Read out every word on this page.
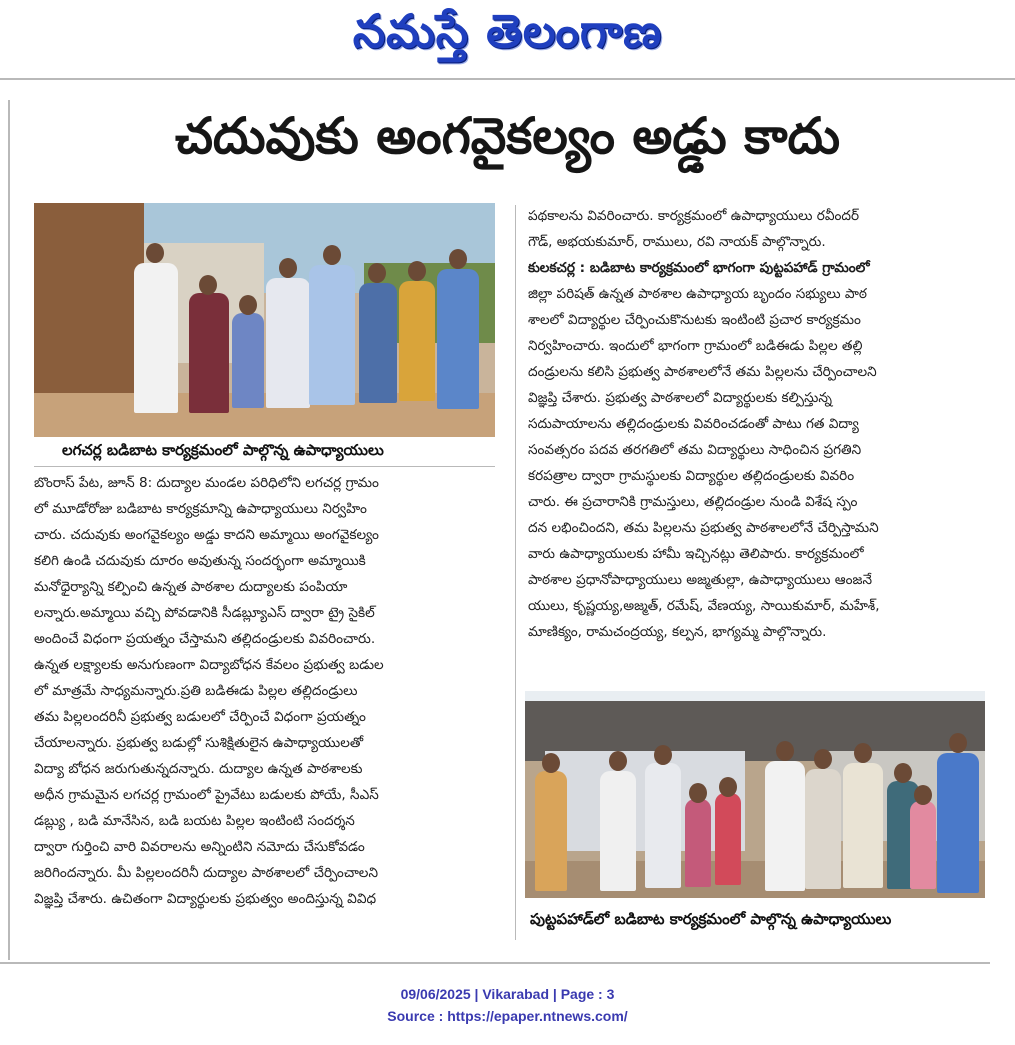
నమస్తే తెలంగాణ
చదువుకు అంగవైకల్యం అడ్డు కాదు
లగచర్ల బడిబాట కార్యక్రమంలో పాల్గొన్న ఉపాధ్యాయులు

బొంరాస్ పేట, జూన్ 8: దుద్యాల మండల పరిధిలోని లగచర్ల గ్రామం

లో మూడోరోజు బడిబాట కార్యక్రమాన్ని ఉపాధ్యాయులు నిర్వహిం

చారు. చదువుకు అంగవైకల్యం అడ్డు కాదని అమ్మాయి అంగవైకల్యం

కలిగి ఉండి చదువుకు దూరం అవుతున్న సందర్భంగా అమ్మాయికి

మనోధైర్యాన్ని కల్పించి ఉన్నత పాఠశాల దుద్యాలకు పంపియా

లన్నారు.అమ్మాయి వచ్చి పోవడానికి సీడబ్ల్యూఎస్ ద్వారా ట్రై సైకిల్

అందించే విధంగా ప్రయత్నం చేస్తామని తల్లిదండ్రులకు వివరించారు.

ఉన్నత లక్ష్యాలకు అనుగుణంగా విద్యాబోధన కేవలం ప్రభుత్వ బడుల

లో మాత్రమే సాధ్యమన్నారు.ప్రతి బడిఈడు పిల్లల తల్లిదండ్రులు

తమ పిల్లలందరినీ ప్రభుత్వ బడులలో చేర్పించే విధంగా ప్రయత్నం

చేయాలన్నారు. ప్రభుత్వ బడుల్లో సుశిక్షితులైన ఉపాధ్యాయులతో

విద్యా బోధన జరుగుతున్నదన్నారు. దుద్యాల ఉన్నత పాఠశాలకు

అధీన గ్రామమైన లగచర్ల గ్రామంలో ప్రైవేటు బడులకు పోయే, సీఎస్

డబ్ల్యు , బడి మానేసిన, బడి బయట పిల్లల ఇంటింటి సందర్శన

ద్వారా గుర్తించి వారి వివరాలను అన్నింటిని నమోదు చేసుకోవడం

జరిగిందన్నారు. మీ పిల్లలందరినీ దుద్యాల పాఠశాలలో చేర్పించాలని

విజ్ఞప్తి చేశారు. ఉచితంగా విద్యార్థులకు ప్రభుత్వం అందిస్తున్న వివిధ

పథకాలను వివరించారు. కార్యక్రమంలో ఉపాధ్యాయులు రవీందర్

గౌడ్, అభయకుమార్, రాములు, రవి నాయక్ పాల్గొన్నారు.

కులకచర్ల : బడిబాట కార్యక్రమంలో భాగంగా పుట్టపహాడ్ గ్రామంలో

జిల్లా పరిషత్ ఉన్నత పాఠశాల ఉపాధ్యాయ బృందం సభ్యులు పాఠ

శాలలో విద్యార్థుల చేర్పించుకొనుటకు ఇంటింటి ప్రచార కార్యక్రమం

నిర్వహించారు. ఇందులో భాగంగా గ్రామంలో బడిఈడు పిల్లల తల్లి

దండ్రులను కలిసి ప్రభుత్వ పాఠశాలలోనే తమ పిల్లలను చేర్పించాలని

విజ్ఞప్తి చేశారు. ప్రభుత్వ పాఠశాలలో విద్యార్థులకు కల్పిస్తున్న

సదుపాయాలను తల్లిదండ్రులకు వివరించడంతో పాటు గత విద్యా

సంవత్సరం పదవ తరగతిలో తమ విద్యార్థులు సాధించిన ప్రగతిని

కరపత్రాల ద్వారా గ్రామస్థులకు విద్యార్థుల తల్లిదండ్రులకు వివరిం

చారు. ఈ ప్రచారానికి గ్రామస్తులు, తల్లిదండ్రుల నుండి విశేష స్పం

దన లభించిందని, తమ పిల్లలను ప్రభుత్వ పాఠశాలలోనే చేర్పిస్తామని

వారు ఉపాధ్యాయులకు హామీ ఇచ్చినట్లు తెలిపారు. కార్యక్రమంలో

పాఠశాల ప్రధానోపాధ్యాయులు అజ్మతుల్లా, ఉపాధ్యాయులు ఆంజనే

యులు, కృష్ణయ్య,అజ్మత్, రమేష్, వేణయ్య, సాయికుమార్, మహేశ్,

మాణిక్యం, రామచంద్రయ్య, కల్పన, భాగ్యమ్మ పాల్గొన్నారు.

పుట్టపహాడ్‌లో బడిబాట కార్యక్రమంలో పాల్గొన్న ఉపాధ్యాయులు
09/06/2025 | Vikarabad | Page : 3
Source : https://epaper.ntnews.com/
